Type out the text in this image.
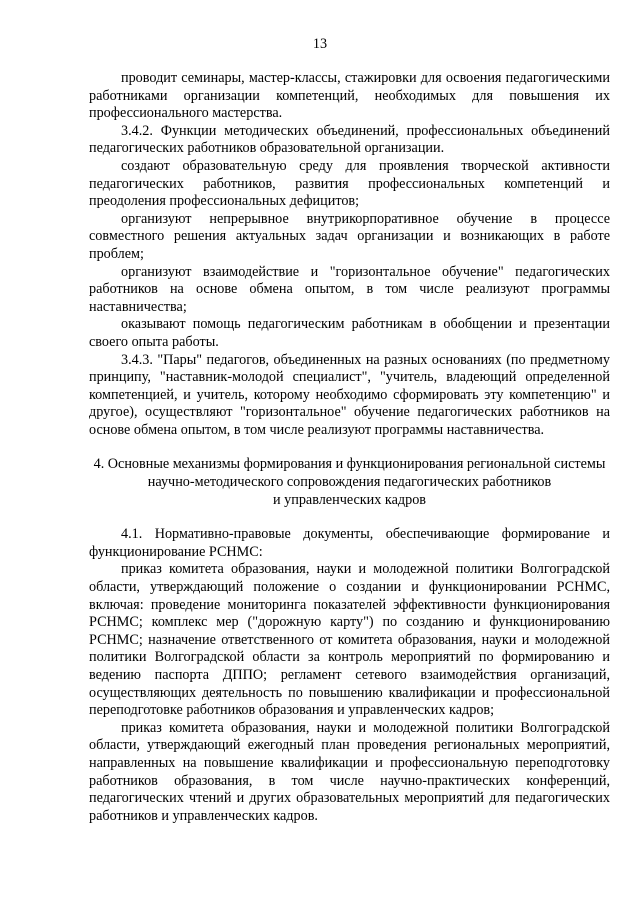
13

проводит семинары, мастер-классы, стажировки для освоения педагогическими работниками организации компетенций, необходимых для повышения их профессионального мастерства.

3.4.2. Функции методических объединений, профессиональных объединений педагогических работников образовательной организации.

создают образовательную среду для проявления творческой активности педагогических работников, развития профессиональных компетенций и преодоления профессиональных дефицитов;

организуют непрерывное внутрикорпоративное обучение в процессе совместного решения актуальных задач организации и возникающих в работе проблем;

организуют взаимодействие и "горизонтальное обучение" педагогических работников на основе обмена опытом, в том числе реализуют программы наставничества;

оказывают помощь педагогическим работникам в обобщении и презентации своего опыта работы.

3.4.3. "Пары" педагогов, объединенных на разных основаниях (по предметному принципу, "наставник-молодой специалист", "учитель, владеющий определенной компетенцией, и учитель, которому необходимо сформировать эту компетенцию" и другое), осуществляют "горизонтальное" обучение педагогических работников на основе обмена опытом, в том числе реализуют программы наставничества.

4. Основные механизмы формирования и функционирования региональной системы

научно-методического сопровождения педагогических работников

и управленческих кадров

4.1. Нормативно-правовые документы, обеспечивающие формирование и функционирование РСНМС:

приказ комитета образования, науки и молодежной политики Волгоградской области, утверждающий положение о создании и функционировании РСНМС, включая: проведение мониторинга показателей эффективности функционирования РСНМС; комплекс мер ("дорожную карту") по созданию и функционированию РСНМС; назначение ответственного от комитета образования, науки и молодежной политики Волгоградской области за контроль мероприятий по формированию и ведению паспорта ДППО; регламент сетевого взаимодействия организаций, осуществляющих деятельность по повышению квалификации и профессиональной переподготовке работников образования и управленческих кадров;

приказ комитета образования, науки и молодежной политики Волгоградской области, утверждающий ежегодный план проведения региональных мероприятий, направленных на повышение квалификации и профессиональную переподготовку работников образования, в том числе научно-практических конференций, педагогических чтений и других образовательных мероприятий для педагогических работников и управленческих кадров.
